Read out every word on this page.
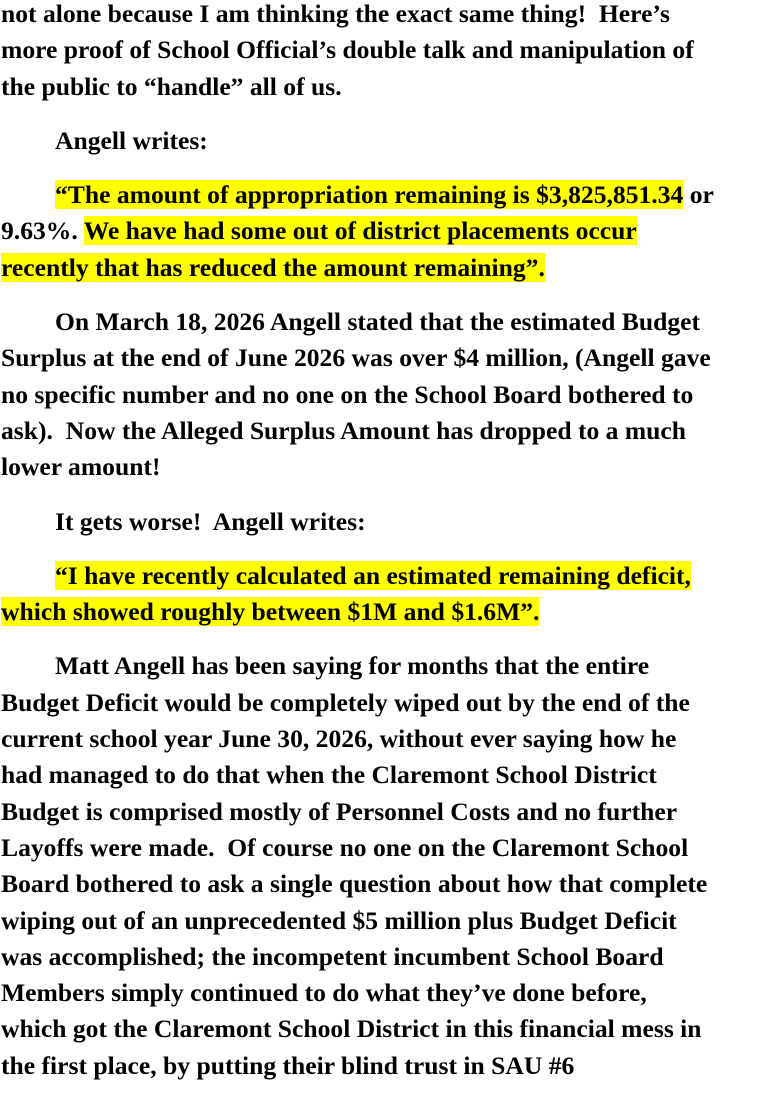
not alone because I am thinking the exact same thing!  Here’s
more proof of School Official’s double talk and manipulation of
the public to “handle” all of us.
Angell writes:
“The amount of appropriation remaining is $3,825,851.34 or
9.63%. We have had some out of district placements occur
recently that has reduced the amount remaining”.
On March 18, 2026 Angell stated that the estimated Budget
Surplus at the end of June 2026 was over $4 million, (Angell gave
no specific number and no one on the School Board bothered to
ask).  Now the Alleged Surplus Amount has dropped to a much
lower amount!
It gets worse!  Angell writes:
“I have recently calculated an estimated remaining deficit,
which showed roughly between $1M and $1.6M”.
Matt Angell has been saying for months that the entire
Budget Deficit would be completely wiped out by the end of the
current school year June 30, 2026, without ever saying how he
had managed to do that when the Claremont School District
Budget is comprised mostly of Personnel Costs and no further
Layoffs were made.  Of course no one on the Claremont School
Board bothered to ask a single question about how that complete
wiping out of an unprecedented $5 million plus Budget Deficit
was accomplished; the incompetent incumbent School Board
Members simply continued to do what they’ve done before,
which got the Claremont School District in this financial mess in
the first place, by putting their blind trust in SAU #6
